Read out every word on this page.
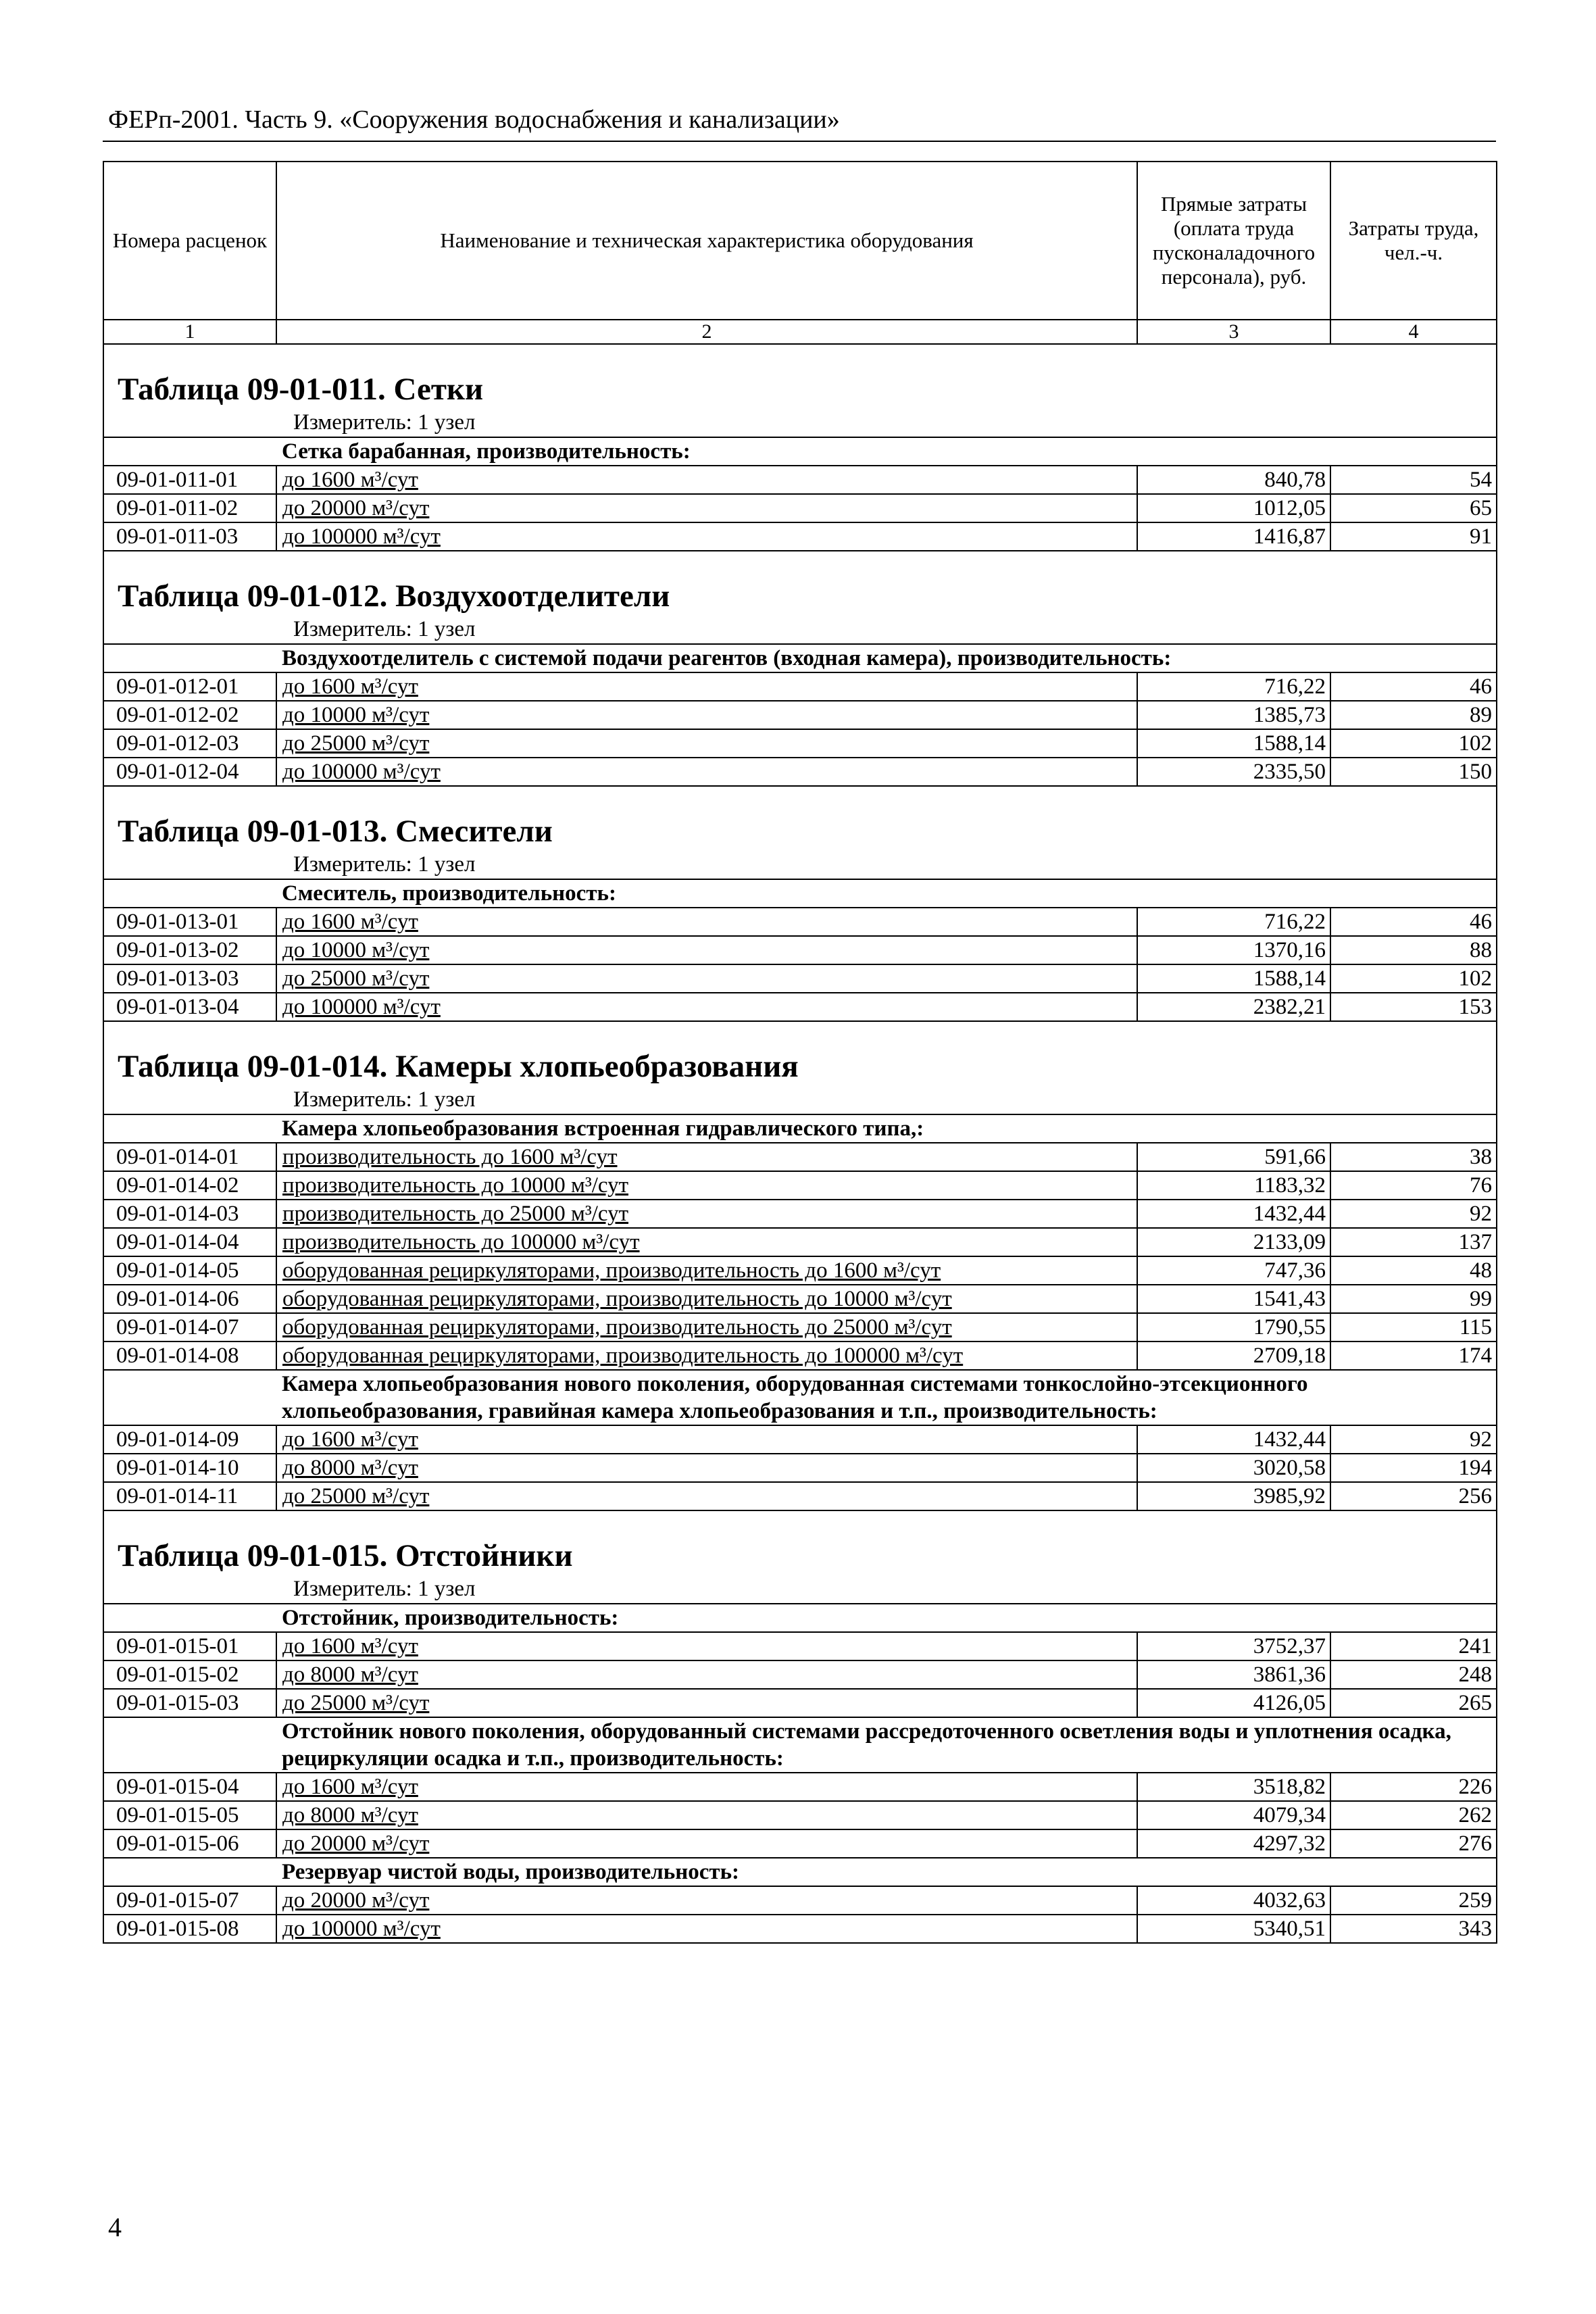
ФЕРп-2001. Часть 9. «Сооружения водоснабжения и канализации»
Номера расценок	Наименование и техническая характеристика оборудования	Прямые затраты (оплата труда пусконаладочного персонала), руб.	Затраты труда, чел.-ч.
1	2	3	4
Таблица 09-01-011. Сетки			
Измеритель: 1 узел			
	Сетка барабанная, производительность:		
09-01-011-01	до 1600 м³/сут	840,78	54
09-01-011-02	до 20000 м³/сут	1012,05	65
09-01-011-03	до 100000 м³/сут	1416,87	91
Таблица 09-01-012. Воздухоотделители			
Измеритель: 1 узел			
	Воздухоотделитель с системой подачи реагентов (входная камера), производительность:		
09-01-012-01	до 1600 м³/сут	716,22	46
09-01-012-02	до 10000 м³/сут	1385,73	89
09-01-012-03	до 25000 м³/сут	1588,14	102
09-01-012-04	до 100000 м³/сут	2335,50	150
Таблица 09-01-013. Смесители			
Измеритель: 1 узел			
	Смеситель, производительность:		
09-01-013-01	до 1600 м³/сут	716,22	46
09-01-013-02	до 10000 м³/сут	1370,16	88
09-01-013-03	до 25000 м³/сут	1588,14	102
09-01-013-04	до 100000 м³/сут	2382,21	153
Таблица 09-01-014. Камеры хлопьеобразования			
Измеритель: 1 узел			
	Камера хлопьеобразования встроенная гидравлического типа,:		
09-01-014-01	производительность до 1600 м³/сут	591,66	38
09-01-014-02	производительность до 10000 м³/сут	1183,32	76
09-01-014-03	производительность до 25000 м³/сут	1432,44	92
09-01-014-04	производительность до 100000 м³/сут	2133,09	137
09-01-014-05	оборудованная рециркуляторами, производительность до 1600 м³/сут	747,36	48
09-01-014-06	оборудованная рециркуляторами, производительность до 10000 м³/сут	1541,43	99
09-01-014-07	оборудованная рециркуляторами, производительность до 25000 м³/сут	1790,55	115
09-01-014-08	оборудованная рециркуляторами, производительность до 100000 м³/сут	2709,18	174
	Камера хлопьеобразования нового поколения, оборудованная системами тонкослойно-этсекционного хлопьеобразования, гравийная камера хлопьеобразования и т.п., производительность:		
09-01-014-09	до 1600 м³/сут	1432,44	92
09-01-014-10	до 8000 м³/сут	3020,58	194
09-01-014-11	до 25000 м³/сут	3985,92	256
Таблица 09-01-015. Отстойники			
Измеритель: 1 узел			
	Отстойник, производительность:		
09-01-015-01	до 1600 м³/сут	3752,37	241
09-01-015-02	до 8000 м³/сут	3861,36	248
09-01-015-03	до 25000 м³/сут	4126,05	265
	Отстойник нового поколения, оборудованный системами рассредоточенного осветления воды и уплотнения осадка, рециркуляции осадка и т.п., производительность:		
09-01-015-04	до 1600 м³/сут	3518,82	226
09-01-015-05	до 8000 м³/сут	4079,34	262
09-01-015-06	до 20000 м³/сут	4297,32	276
	Резервуар чистой воды, производительность:		
09-01-015-07	до 20000 м³/сут	4032,63	259
09-01-015-08	до 100000 м³/сут	5340,51	343
4
